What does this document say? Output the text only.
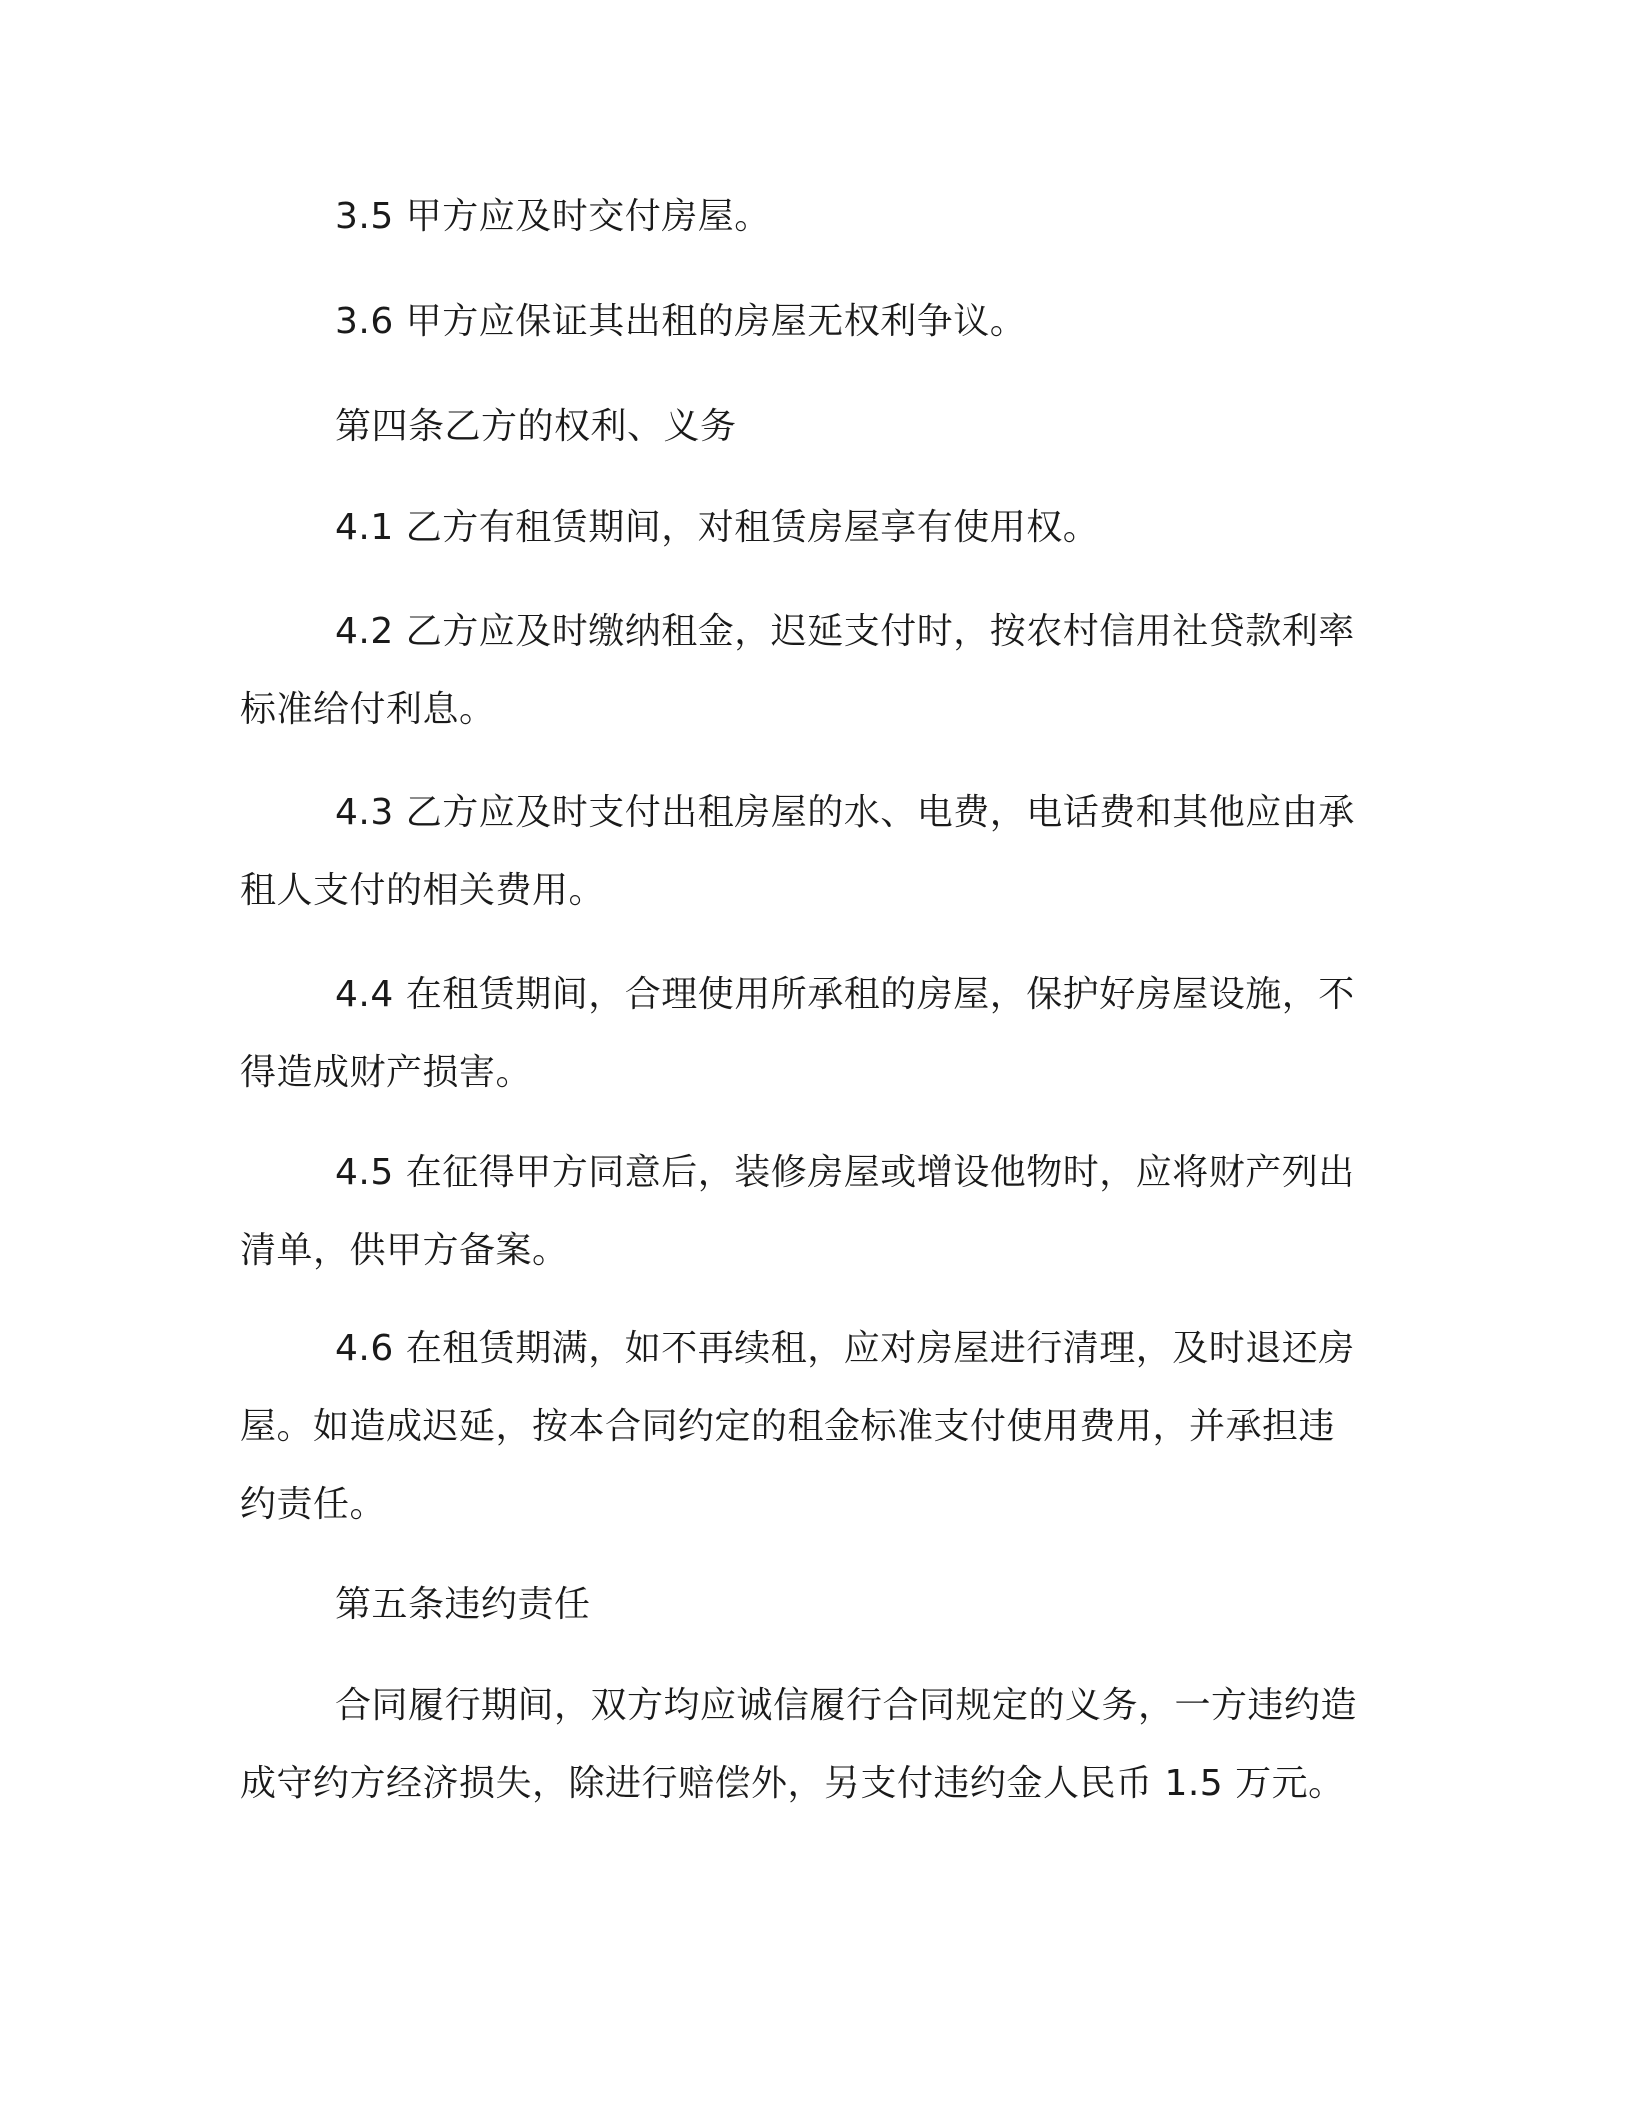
3.5 甲方应及时交付房屋。

3.6 甲方应保证其出租的房屋无权利争议。

第四条乙方的权利、义务

4.1 乙方有租赁期间，对租赁房屋享有使用权。

4.2 乙方应及时缴纳租金，迟延支付时，按农村信用社贷款利率
标准给付利息。

4.3 乙方应及时支付出租房屋的水、电费，电话费和其他应由承
租人支付的相关费用。

4.4 在租赁期间，合理使用所承租的房屋，保护好房屋设施，不
得造成财产损害。

4.5 在征得甲方同意后，装修房屋或增设他物时，应将财产列出
清单，供甲方备案。

4.6 在租赁期满，如不再续租，应对房屋进行清理，及时退还房
屋。如造成迟延，按本合同约定的租金标准支付使用费用，并承担违
约责任。

第五条违约责任

合同履行期间，双方均应诚信履行合同规定的义务，一方违约造
成守约方经济损失，除进行赔偿外，另支付违约金人民币 1.5 万元。
